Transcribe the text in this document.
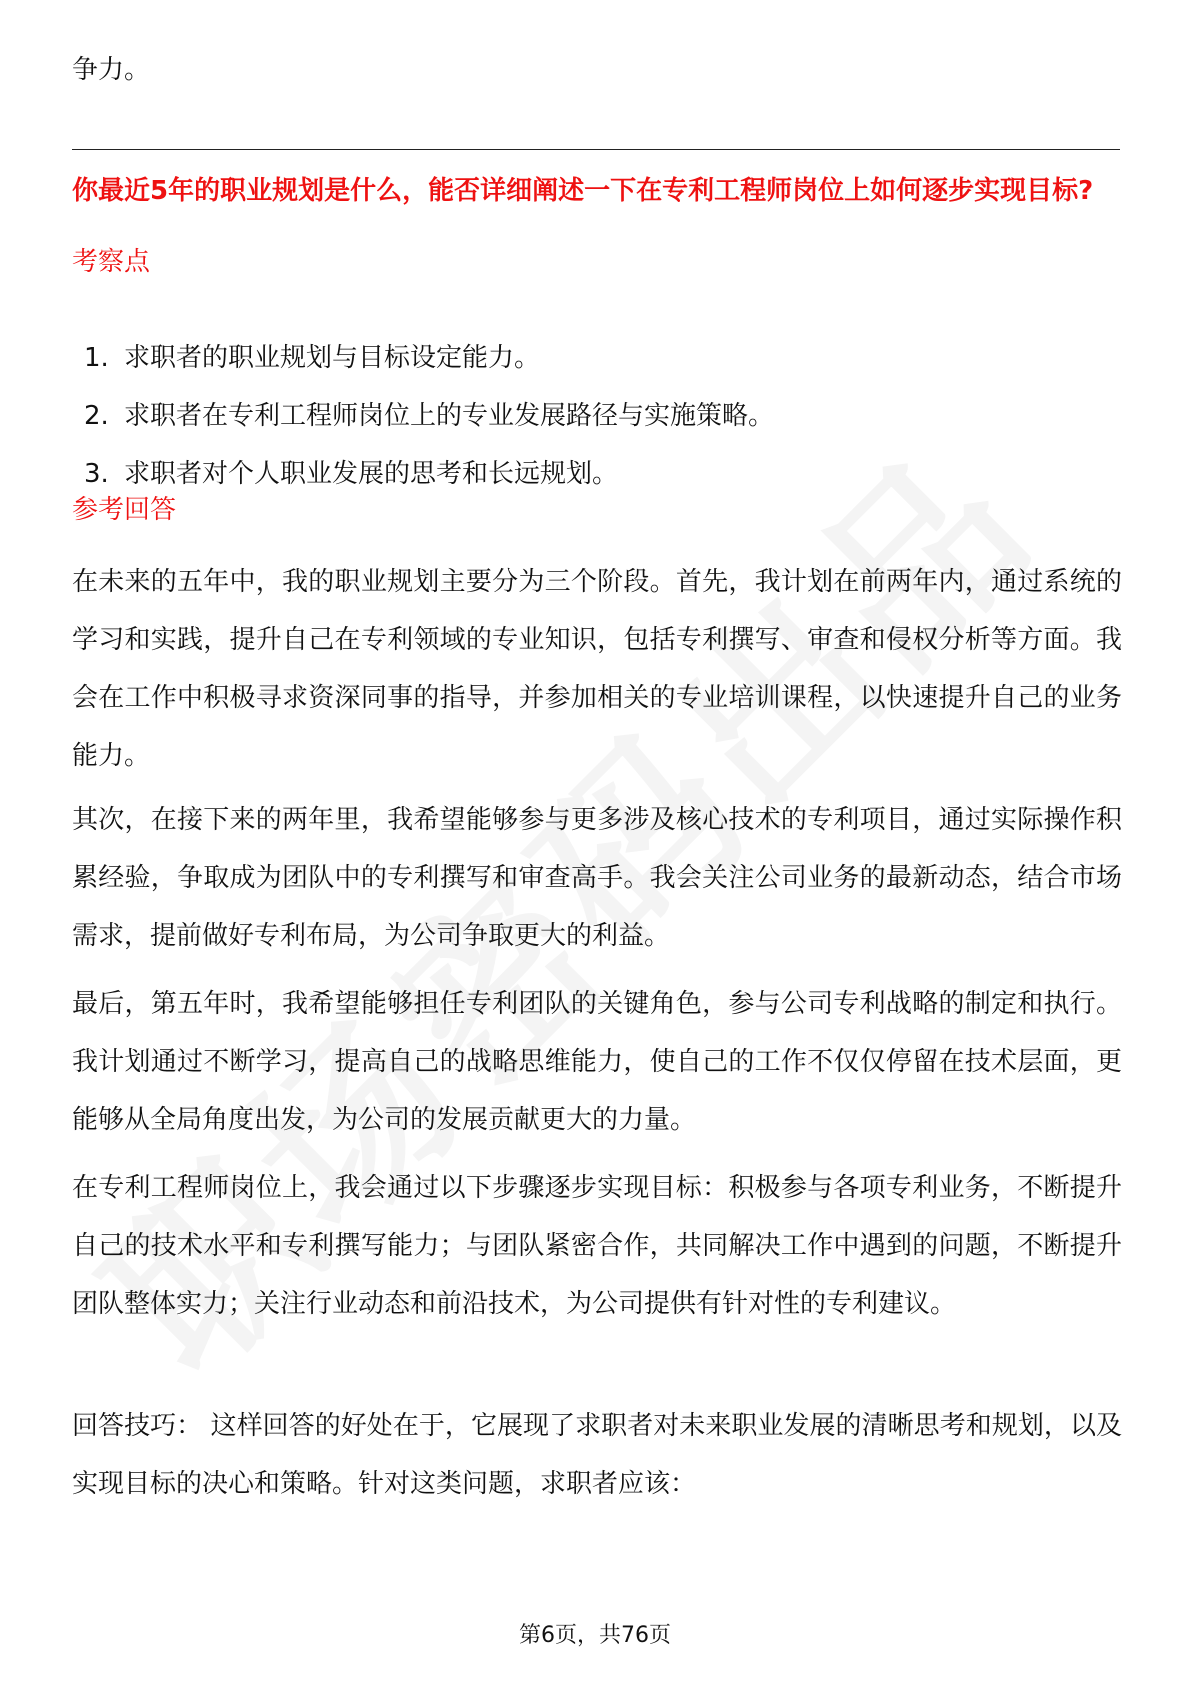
争力。
你最近5年的职业规划是什么，能否详细阐述一下在专利工程师岗位上如何逐步实现目标?
考察点
1. 求职者的职业规划与目标设定能力。
2. 求职者在专利工程师岗位上的专业发展路径与实施策略。
3. 求职者对个人职业发展的思考和长远规划。
参考回答

在未来的五年中，我的职业规划主要分为三个阶段。首先，我计划在前两年内，通过系统的学习和实践，提升自己在专利领域的专业知识，包括专利撰写、审查和侵权分析等方面。我会在工作中积极寻求资深同事的指导，并参加相关的专业培训课程，以快速提升自己的业务能力。

其次，在接下来的两年里，我希望能够参与更多涉及核心技术的专利项目，通过实际操作积累经验，争取成为团队中的专利撰写和审查高手。我会关注公司业务的最新动态，结合市场需求，提前做好专利布局，为公司争取更大的利益。

最后，第五年时，我希望能够担任专利团队的关键角色，参与公司专利战略的制定和执行。我计划通过不断学习，提高自己的战略思维能力，使自己的工作不仅仅停留在技术层面，更能够从全局角度出发，为公司的发展贡献更大的力量。

在专利工程师岗位上，我会通过以下步骤逐步实现目标：积极参与各项专利业务，不断提升自己的技术水平和专利撰写能力；与团队紧密合作，共同解决工作中遇到的问题，不断提升团队整体实力；关注行业动态和前沿技术，为公司提供有针对性的专利建议。

回答技巧： 这样回答的好处在于，它展现了求职者对未来职业发展的清晰思考和规划，以及实现目标的决心和策略。针对这类问题，求职者应该：

第6页，共76页
